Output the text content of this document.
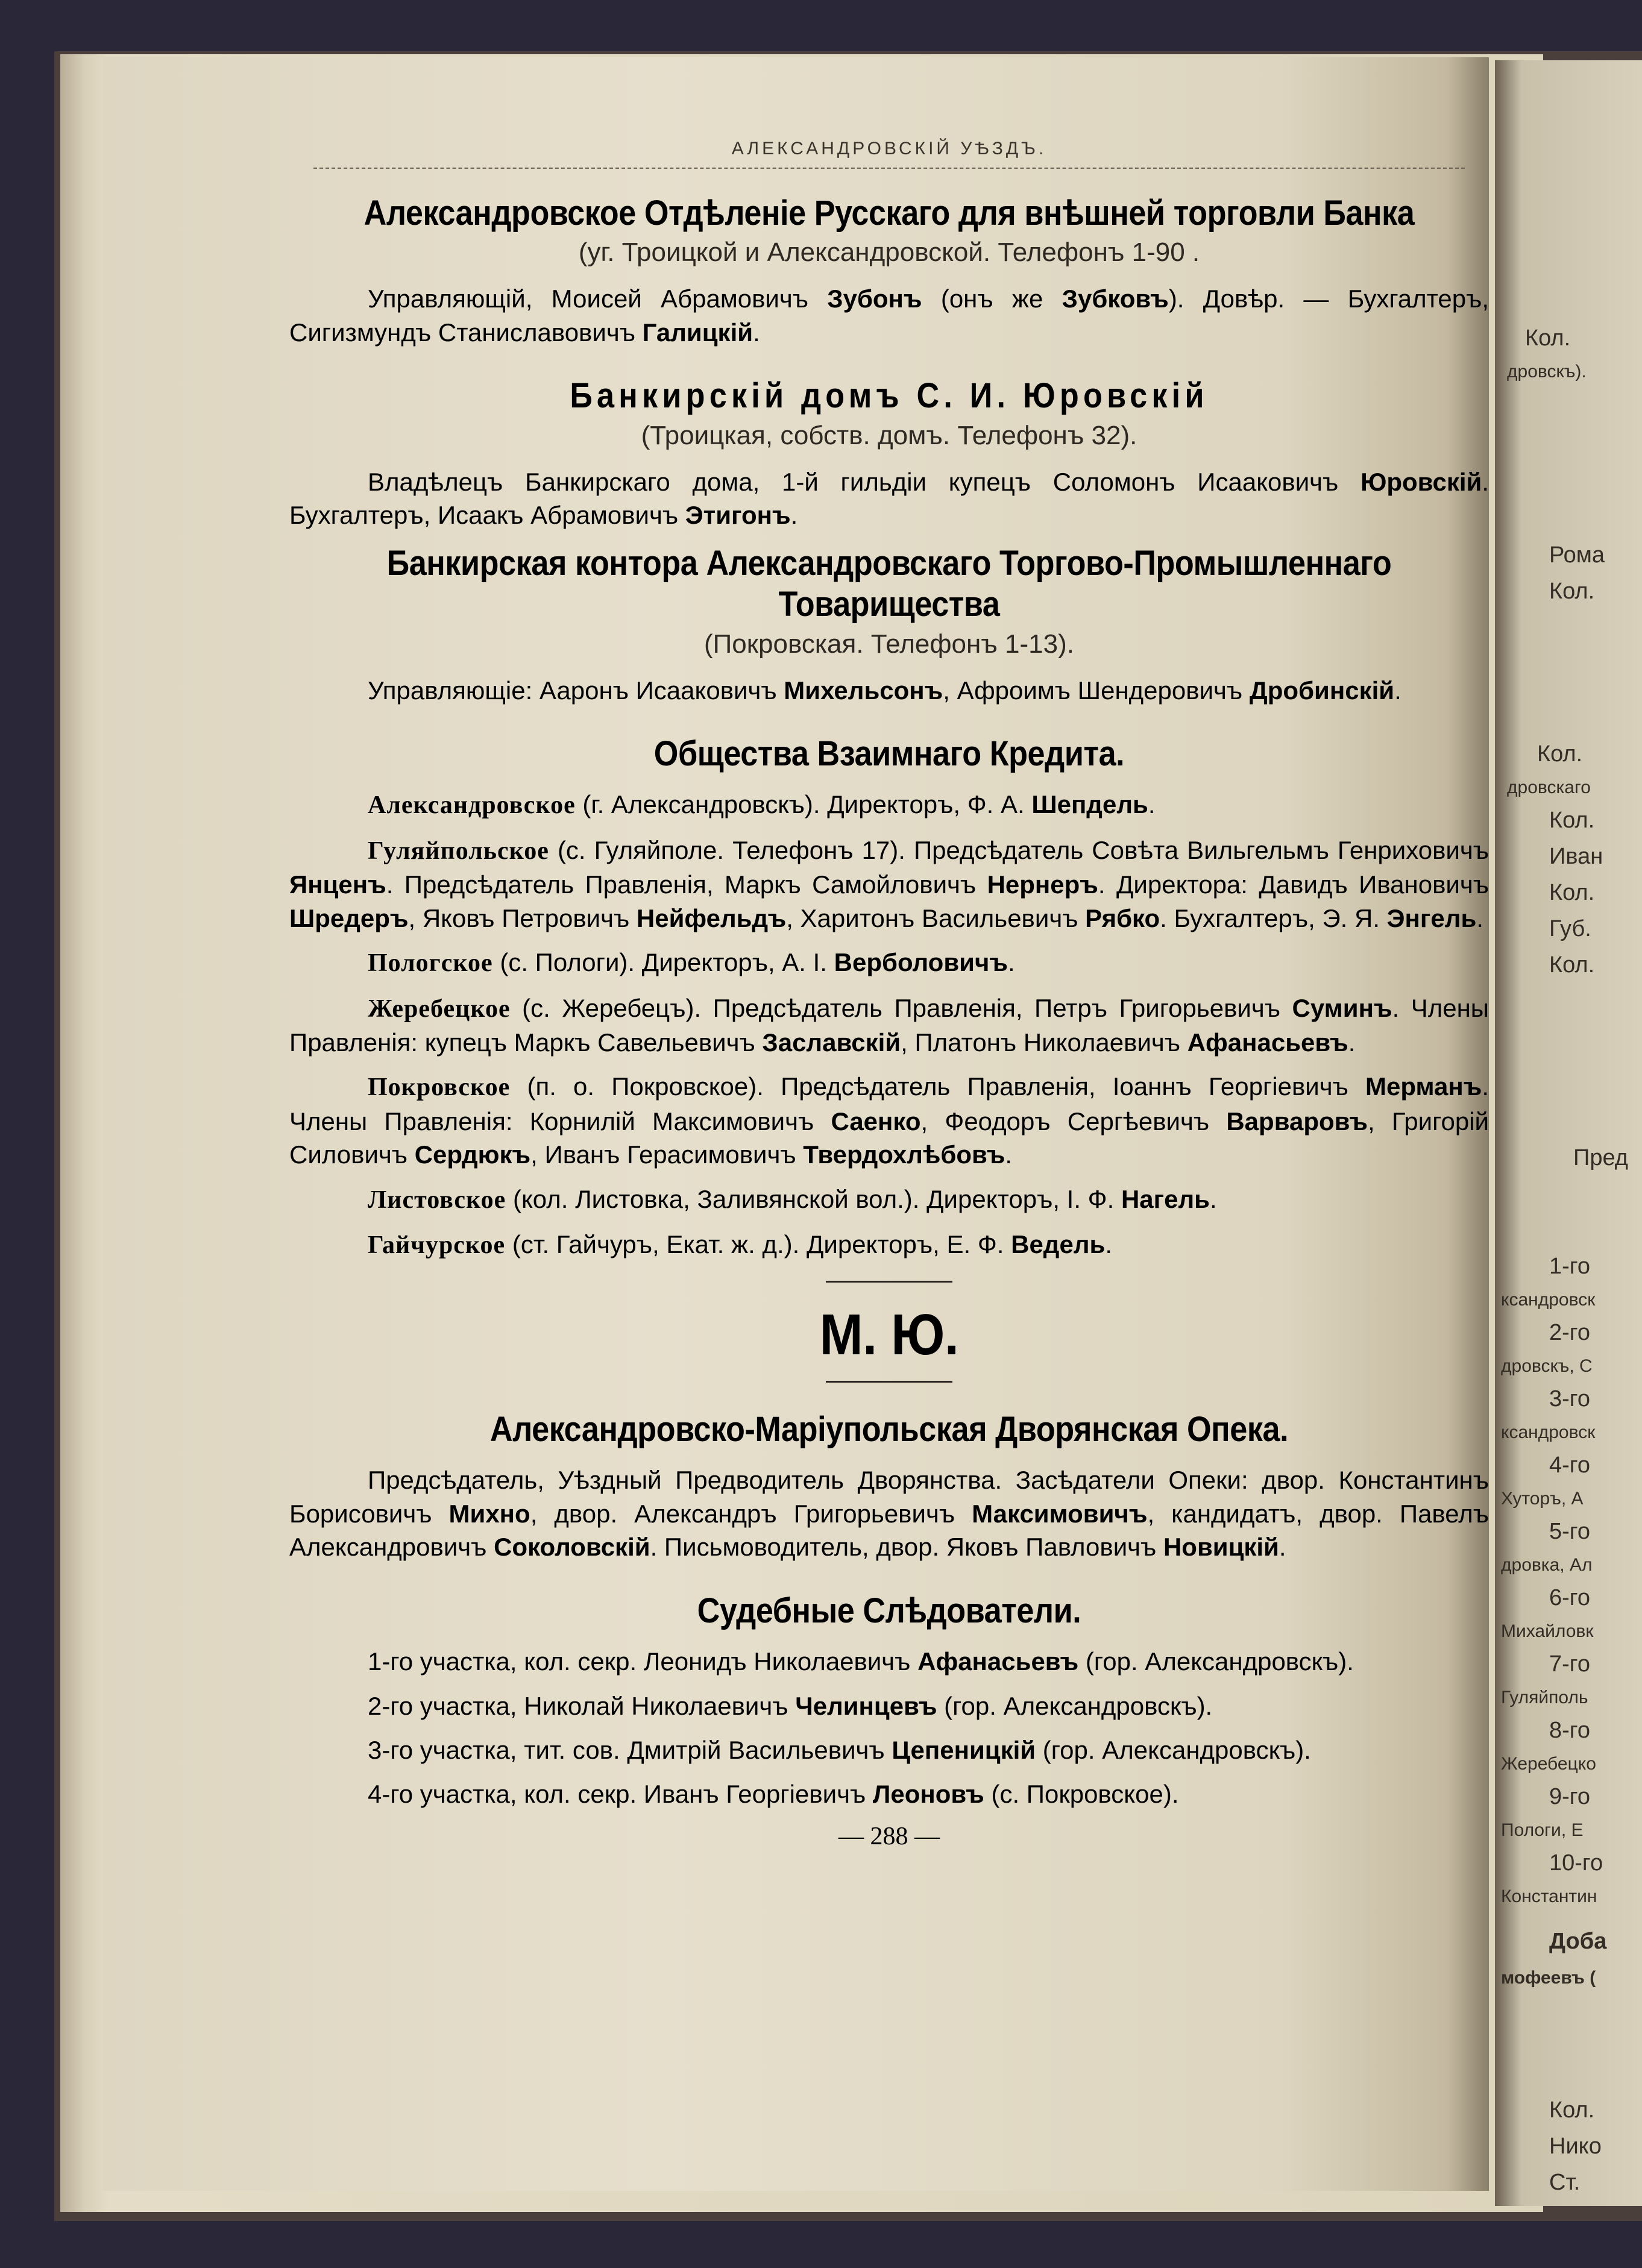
Кол.
дровскъ).
Рома
Кол.
Кол.
дровскаго
Кол.
Иван
Кол.
Губ.
Кол.
Пред
1-го
ксандровск
2-го
дровскъ, С
3-го
ксандровск
4-го
Хуторъ, А
5-го
дровка, Ал
6-го
Михайловк
7-го
Гуляйполь
8-го
Жеребецко
9-го
Пологи, Е
10-го
Константин
Доба
мофеевъ (
Кол.
Нико
Ст.
АЛЕКСАНДРОВСКІЙ УѢЗДЪ.
Александровское Отдѣленіе Русскаго для внѣшней торговли Банка
(уг. Троицкой и Александровской. Телефонъ 1-90 .
Управляющій, Моисей Абрамовичъ Зубонъ (онъ же Зубковъ). Довѣр. — Бухгалтеръ, Сигизмундъ Станиславовичъ Галицкій.
Банкирскій домъ С. И. Юровскій
(Троицкая, собств. домъ. Телефонъ 32).
Владѣлецъ Банкирскаго дома, 1-й гильдіи купецъ Соломонъ Исааковичъ Юровскій. Бухгалтеръ, Исаакъ Абрамовичъ Этигонъ.
Банкирская контора Александровскаго Торгово-Промышленнаго Товарищества
(Покровская. Телефонъ 1-13).
Управляющіе: Ааронъ Исааковичъ Михельсонъ, Афроимъ Шендеровичъ Дробинскій.
Общества Взаимнаго Кредита.
Александровское (г. Александровскъ). Директоръ, Ф. А. Шепдель.
Гуляйпольское (с. Гуляйполе. Телефонъ 17). Предсѣдатель Совѣта Вильгельмъ Генриховичъ Янценъ. Предсѣдатель Правленія, Маркъ Самойловичъ Нернеръ. Директора: Давидъ Ивановичъ Шредеръ, Яковъ Петровичъ Нейфельдъ, Харитонъ Васильевичъ Рябко. Бухгалтеръ, Э. Я. Энгель.
Пологское (с. Пологи). Директоръ, А. І. Верболовичъ.
Жеребецкое (с. Жеребецъ). Предсѣдатель Правленія, Петръ Григорьевичъ Суминъ. Члены Правленія: купецъ Маркъ Савельевичъ Заславскій, Платонъ Николаевичъ Афанасьевъ.
Покровское (п. о. Покровское). Предсѣдатель Правленія, Іоаннъ Георгіевичъ Мерманъ. Члены Правленія: Корнилій Максимовичъ Саенко, Феодоръ Сергѣевичъ Варваровъ, Григорій Силовичъ Сердюкъ, Иванъ Герасимовичъ Твердохлѣбовъ.
Листовское (кол. Листовка, Заливянской вол.). Директоръ, І. Ф. Нагель.
Гайчурское (ст. Гайчуръ, Екат. ж. д.). Директоръ, Е. Ф. Ведель.
М. Ю.
Александровско-Маріупольская Дворянская Опека.
Предсѣдатель, Уѣздный Предводитель Дворянства. Засѣдатели Опеки: двор. Константинъ Борисовичъ Михно, двор. Александръ Григорьевичъ Максимовичъ, кандидатъ, двор. Павелъ Александровичъ Соколовскій. Письмоводитель, двор. Яковъ Павловичъ Новицкій.
Судебные Слѣдователи.
1-го участка, кол. секр. Леонидъ Николаевичъ Афанасьевъ (гор. Александровскъ).
2-го участка, Николай Николаевичъ Челинцевъ (гор. Александровскъ).
3-го участка, тит. сов. Дмитрій Васильевичъ Цепеницкій (гор. Александровскъ).
4-го участка, кол. секр. Иванъ Георгіевичъ Леоновъ (с. Покровское).
— 288 —
